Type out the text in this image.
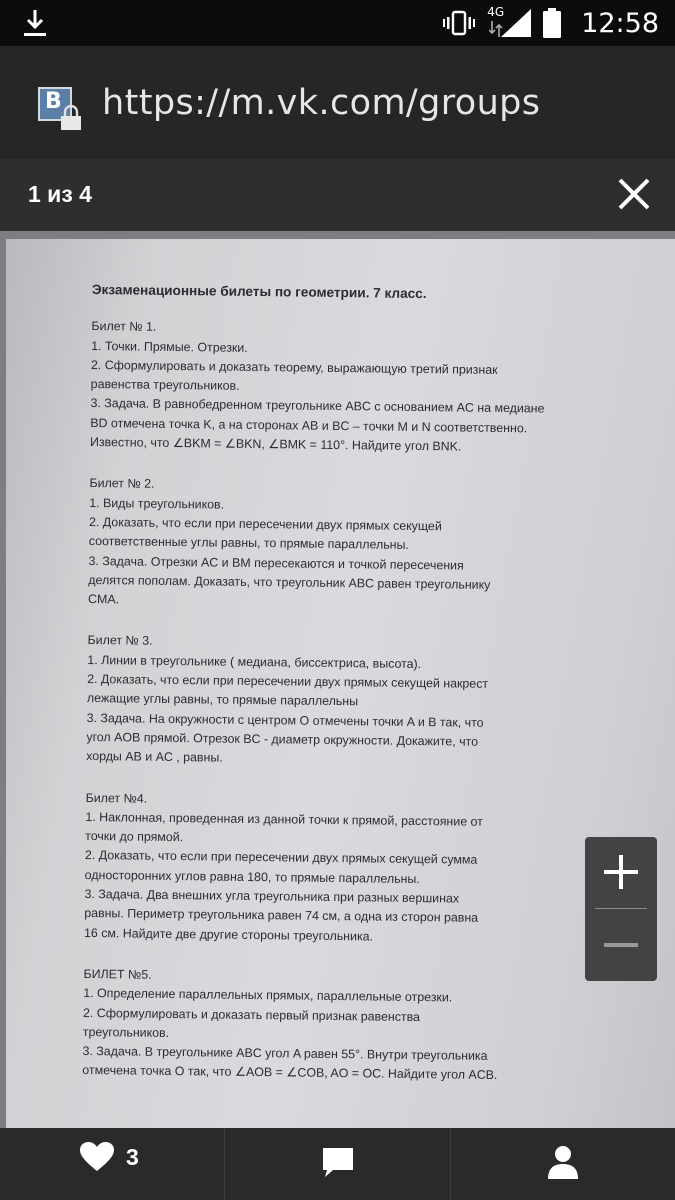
4G	12:58
B https://m.vk.com/groups
1 из 4
Экзаменационные билеты по геометрии. 7 класс.
Билет № 1.
1. Точки. Прямые. Отрезки.
2. Сформулировать и доказать теорему, выражающую третий признак
равенства треугольников.
3. Задача. В равнобедренном треугольнике ABC с основанием AC на медиане
BD отмечена точка K, а на сторонах AB и BC – точки M и N соответственно.
Известно, что ∠BKM = ∠BKN, ∠BMK = 110°. Найдите угол BNK.
Билет № 2.
1. Виды треугольников.
2. Доказать, что если при пересечении двух прямых секущей
соответственные углы равны, то прямые параллельны.
3. Задача. Отрезки AC и BM пересекаются и точкой пересечения
делятся пополам. Доказать, что треугольник ABC равен треугольнику
CMA.
Билет № 3.
1. Линии в треугольнике ( медиана, биссектриса, высота).
2. Доказать, что если при пересечении двух прямых секущей накрест
лежащие углы равны, то прямые параллельны
3. Задача. На окружности с центром O отмечены точки A и B так, что
угол AOB прямой. Отрезок BC - диаметр окружности. Докажите, что
хорды AB и AC , равны.
Билет №4.
1. Наклонная, проведенная из данной точки к прямой, расстояние от
точки до прямой.
2. Доказать, что если при пересечении двух прямых секущей сумма
односторонних углов равна 180, то прямые параллельны.
3. Задача. Два внешних угла треугольника при разных вершинах
равны. Периметр треугольника равен 74 см, а одна из сторон равна
16 см. Найдите две другие стороны треугольника.
БИЛЕТ №5.
1. Определение параллельных прямых, параллельные отрезки.
2. Сформулировать и доказать первый признак равенства
треугольников.
3. Задача. В треугольнике ABC угол A равен 55°. Внутри треугольника
отмечена точка O так, что ∠AOB = ∠COB, AO = OC. Найдите угол ACB.
3
